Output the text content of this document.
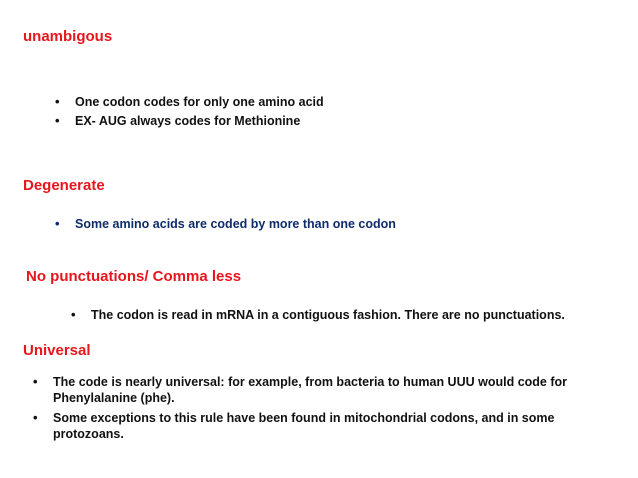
unambigous
• One codon codes for only one amino acid
• EX- AUG always codes for Methionine
Degenerate
• Some amino acids are coded by more than one codon
No punctuations/ Comma less
• The codon is read in mRNA in a contiguous fashion. There are no punctuations.
Universal
• The code is nearly universal: for example, from bacteria to human UUU would code for Phenylalanine (phe).
• Some exceptions to this rule have been found in mitochondrial codons, and in some protozoans.
